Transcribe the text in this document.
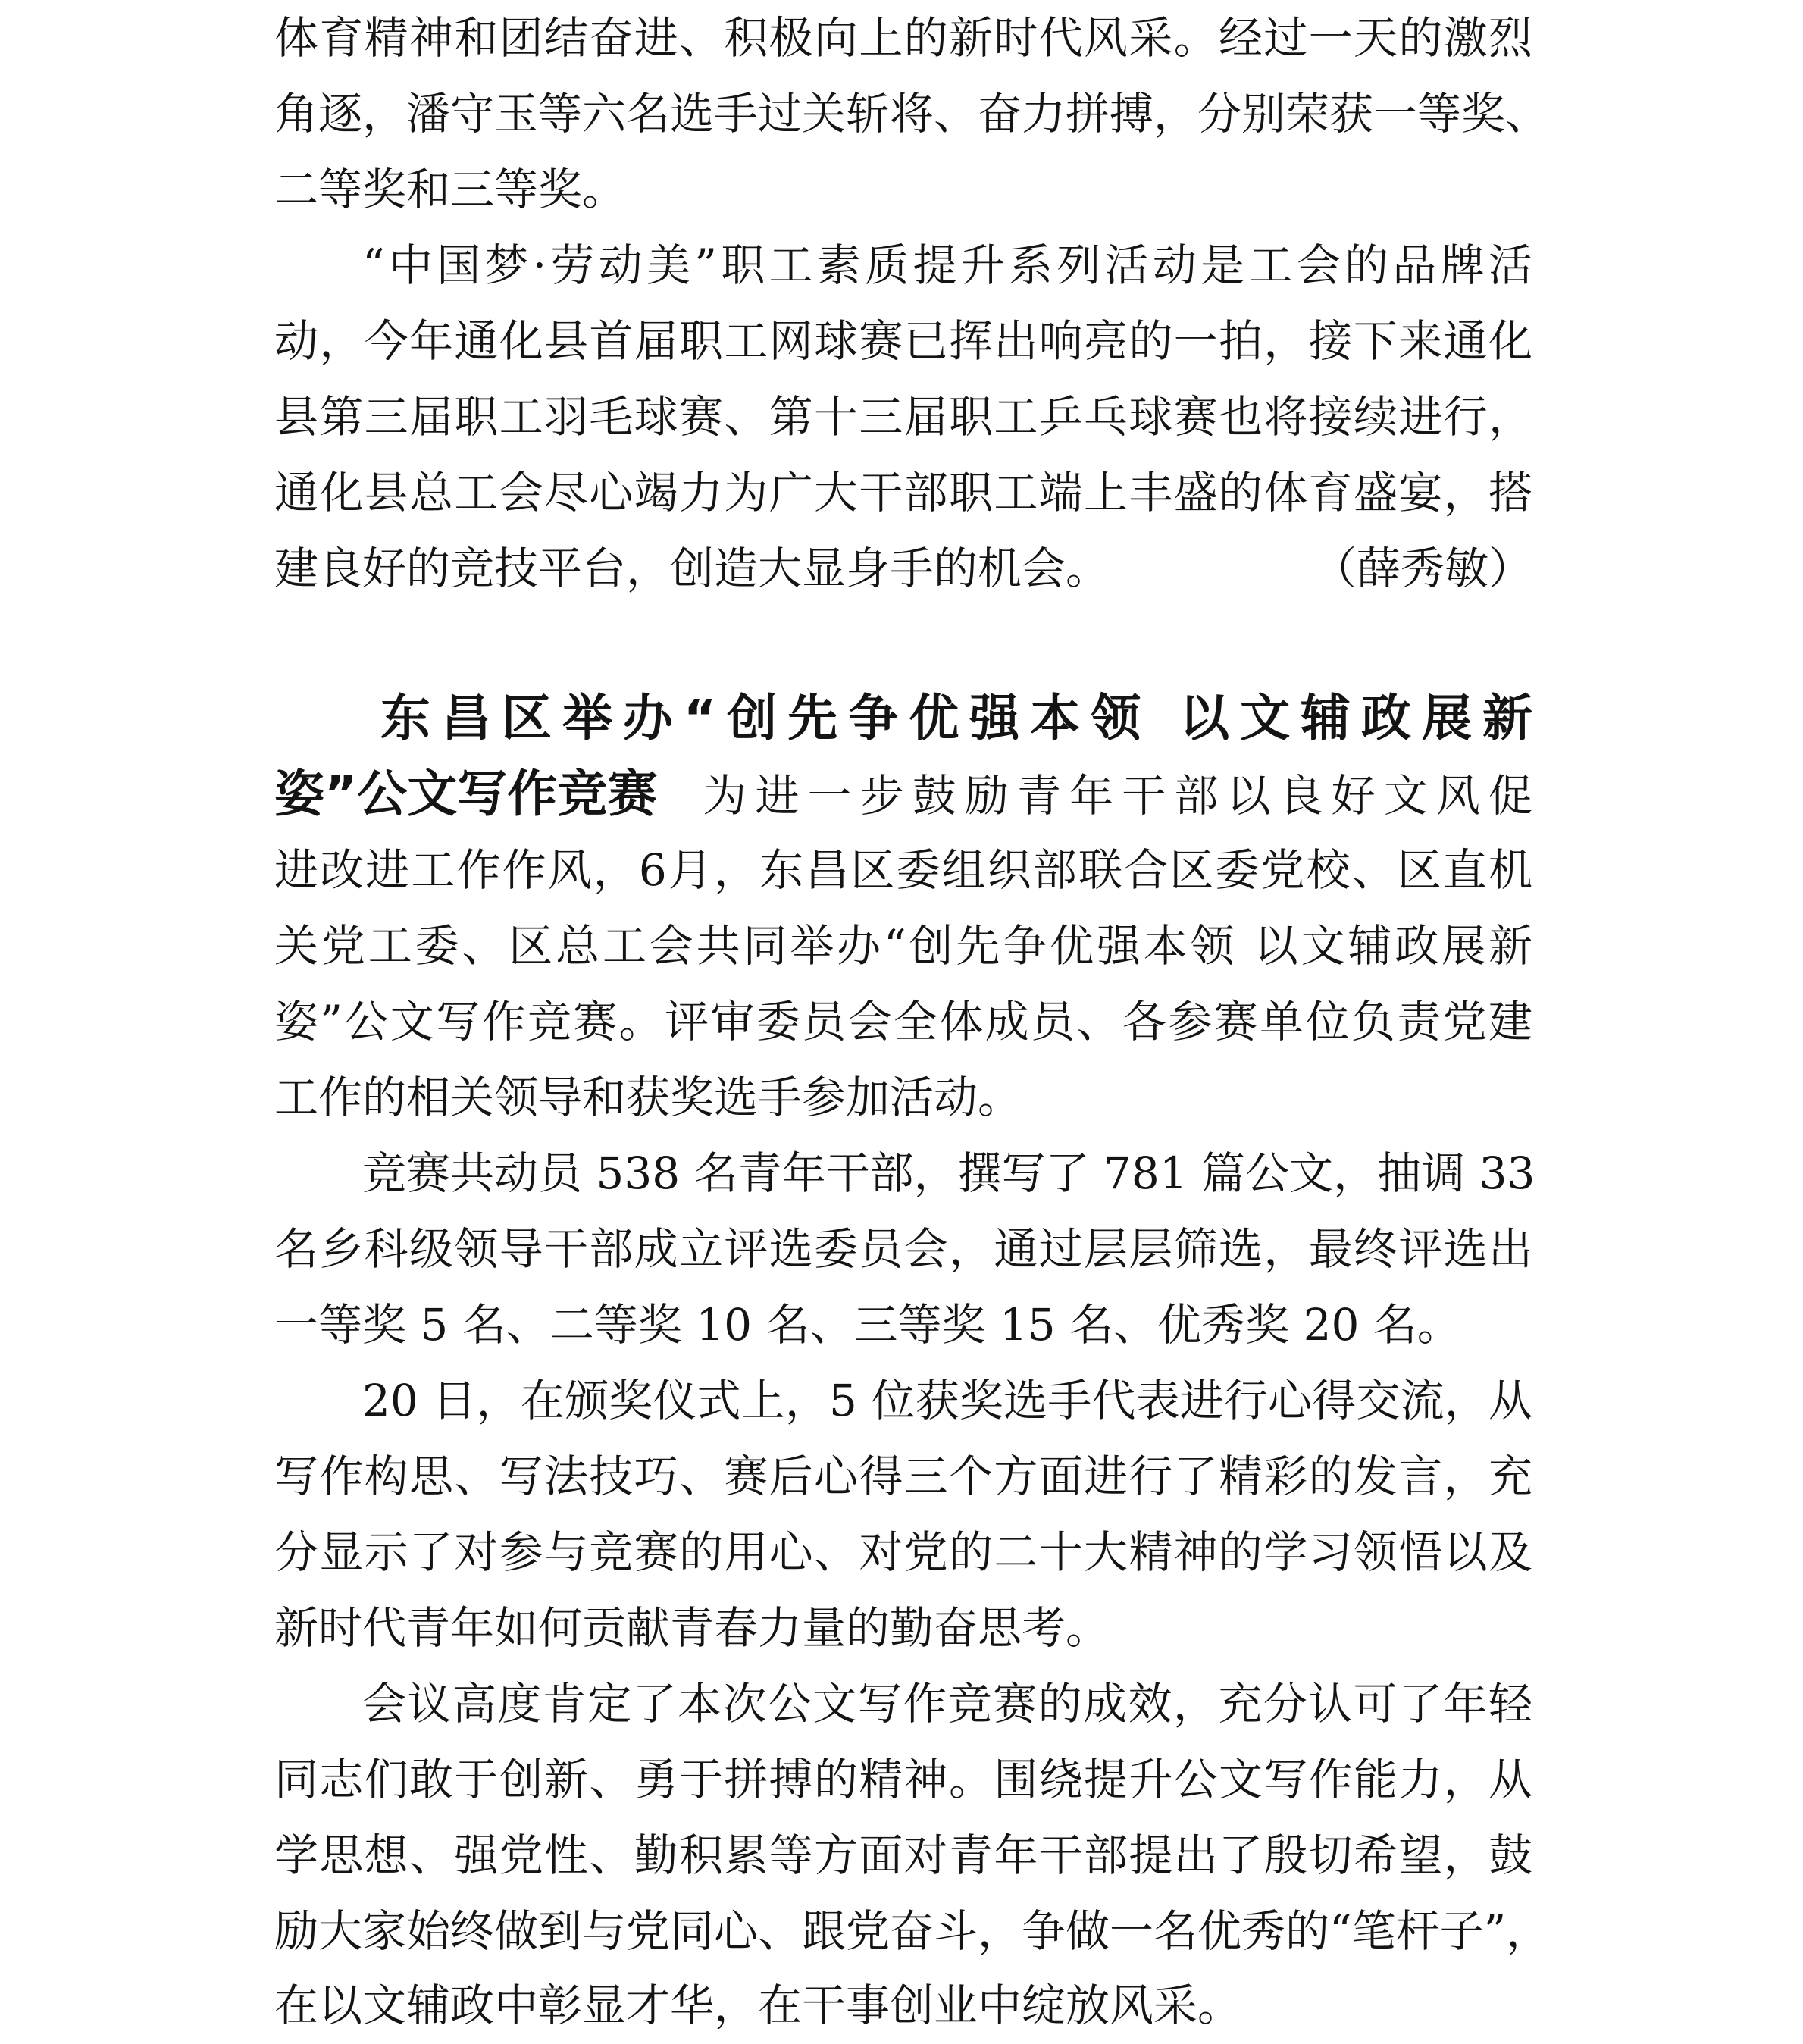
体育精神和团结奋进、积极向上的新时代风采。经过一天的激烈
角逐，潘守玉等六名选手过关斩将、奋力拼搏，分别荣获一等奖、
二等奖和三等奖。
“中国梦·劳动美”职工素质提升系列活动是工会的品牌活
动，今年通化县首届职工网球赛已挥出响亮的一拍，接下来通化
县第三届职工羽毛球赛、第十三届职工乒乓球赛也将接续进行，
通化县总工会尽心竭力为广大干部职工端上丰盛的体育盛宴，搭
建良好的竞技平台，创造大显身手的机会。	（薛秀敏）
东昌区举办“创先争优强本领 以文辅政展新
姿”公文写作竞赛 为进一步鼓励青年干部以良好文风促
进改进工作作风，6月，东昌区委组织部联合区委党校、区直机
关党工委、区总工会共同举办“创先争优强本领 以文辅政展新
姿”公文写作竞赛。评审委员会全体成员、各参赛单位负责党建
工作的相关领导和获奖选手参加活动。
竞赛共动员 538 名青年干部，撰写了 781 篇公文，抽调 33
名乡科级领导干部成立评选委员会，通过层层筛选，最终评选出
一等奖 5 名、二等奖 10 名、三等奖 15 名、优秀奖 20 名。
20 日，在颁奖仪式上，5 位获奖选手代表进行心得交流，从
写作构思、写法技巧、赛后心得三个方面进行了精彩的发言，充
分显示了对参与竞赛的用心、对党的二十大精神的学习领悟以及
新时代青年如何贡献青春力量的勤奋思考。
会议高度肯定了本次公文写作竞赛的成效，充分认可了年轻
同志们敢于创新、勇于拼搏的精神。围绕提升公文写作能力，从
学思想、强党性、勤积累等方面对青年干部提出了殷切希望，鼓
励大家始终做到与党同心、跟党奋斗，争做一名优秀的“笔杆子”，
在以文辅政中彰显才华，在干事创业中绽放风采。
